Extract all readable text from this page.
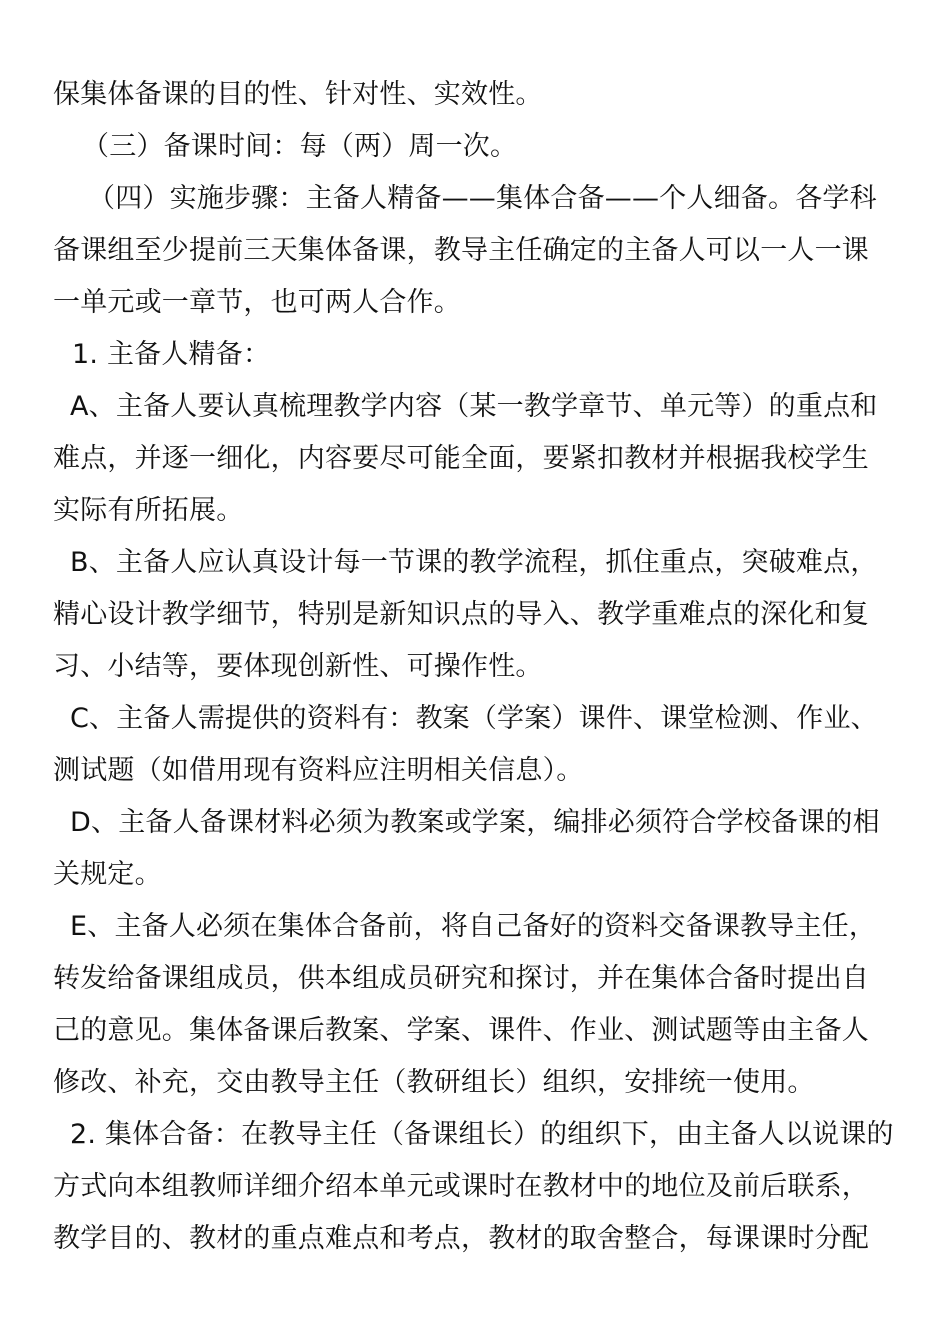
保集体备课的目的性、针对性、实效性。
（三）备课时间：每（两）周一次。
（四）实施步骤：主备人精备——集体合备——个人细备。各学科
备课组至少提前三天集体备课，教导主任确定的主备人可以一人一课
一单元或一章节，也可两人合作。
1. 主备人精备：
A、主备人要认真梳理教学内容（某一教学章节、单元等）的重点和
难点，并逐一细化，内容要尽可能全面，要紧扣教材并根据我校学生
实际有所拓展。
B、主备人应认真设计每一节课的教学流程，抓住重点，突破难点，
精心设计教学细节，特别是新知识点的导入、教学重难点的深化和复
习、小结等，要体现创新性、可操作性。
C、主备人需提供的资料有：教案（学案）课件、课堂检测、作业、
测试题（如借用现有资料应注明相关信息）。
D、主备人备课材料必须为教案或学案，编排必须符合学校备课的相
关规定。
E、主备人必须在集体合备前，将自己备好的资料交备课教导主任，
转发给备课组成员，供本组成员研究和探讨，并在集体合备时提出自
己的意见。集体备课后教案、学案、课件、作业、测试题等由主备人
修改、补充，交由教导主任（教研组长）组织，安排统一使用。
2. 集体合备：在教导主任（备课组长）的组织下，由主备人以说课的
方式向本组教师详细介绍本单元或课时在教材中的地位及前后联系，
教学目的、教材的重点难点和考点，教材的取舍整合，每课课时分配
